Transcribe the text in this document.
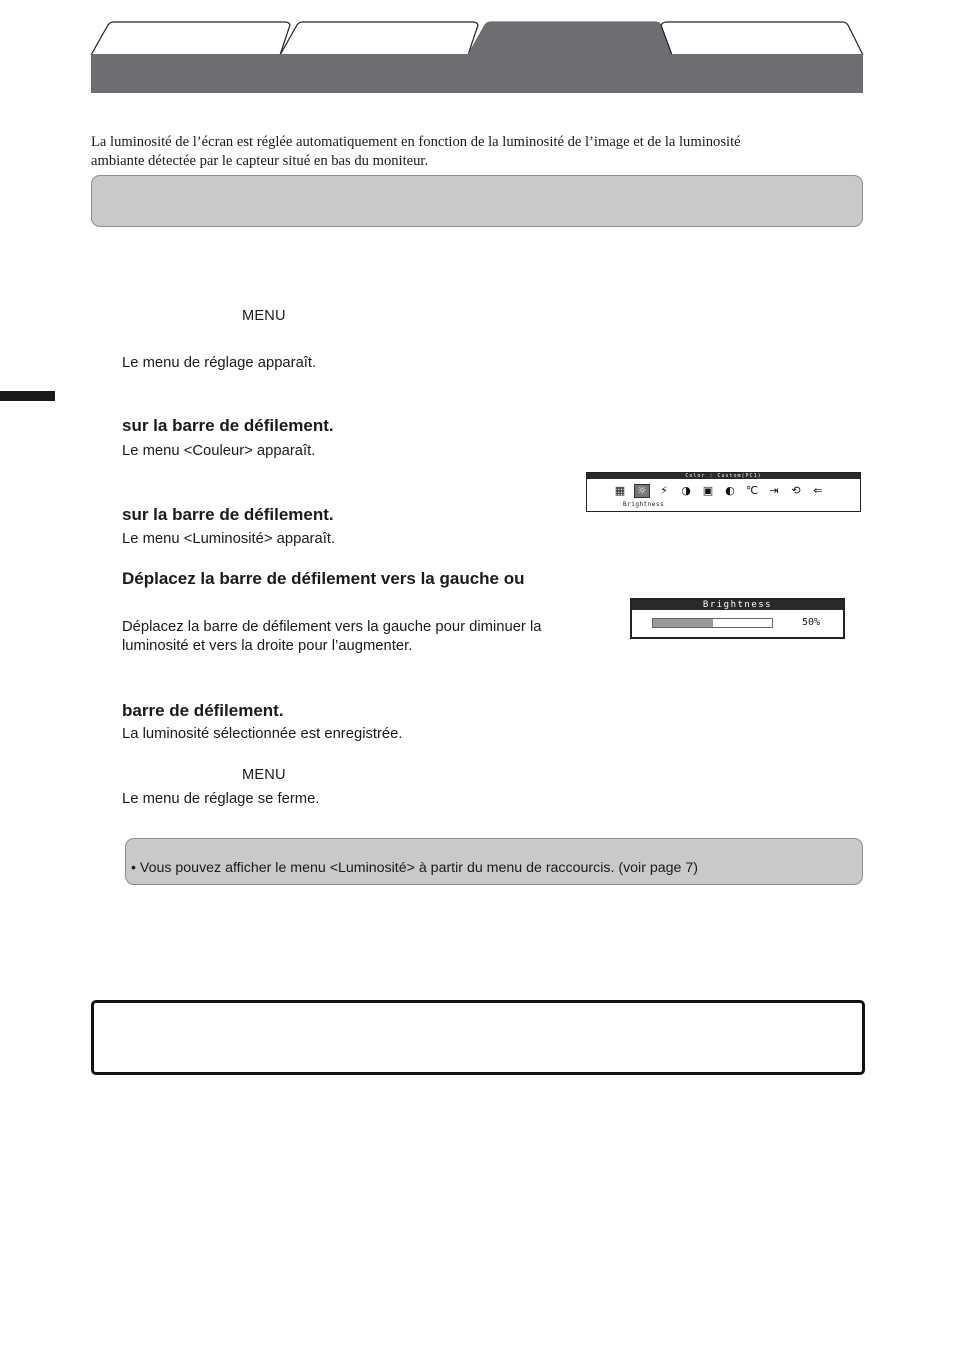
La luminosité de l’écran est réglée automatiquement en fonction de la luminosité de l’image et de la luminosité
ambiante détectée par le capteur situé en bas du moniteur.
MENU
Le menu de réglage apparaît.
sur la barre de défilement.
Le menu <Couleur> apparaît.
sur la barre de défilement.
Le menu <Luminosité> apparaît.
Déplacez la barre de défilement vers la gauche ou
Déplacez la barre de défilement vers la gauche pour diminuer la
luminosité et vers la droite pour l’augmenter.
barre de défilement.
La luminosité sélectionnée est enregistrée.
MENU
Le menu de réglage se ferme.
Color : Custom(PC1)
▦ ☼ ⚡ ◑ ▣ ◐ ℃ ⇥ ⟲ ⇐
Brightness
Brightness
50%
• Vous pouvez afficher le menu <Luminosité> à partir du menu de raccourcis. (voir page 7)
